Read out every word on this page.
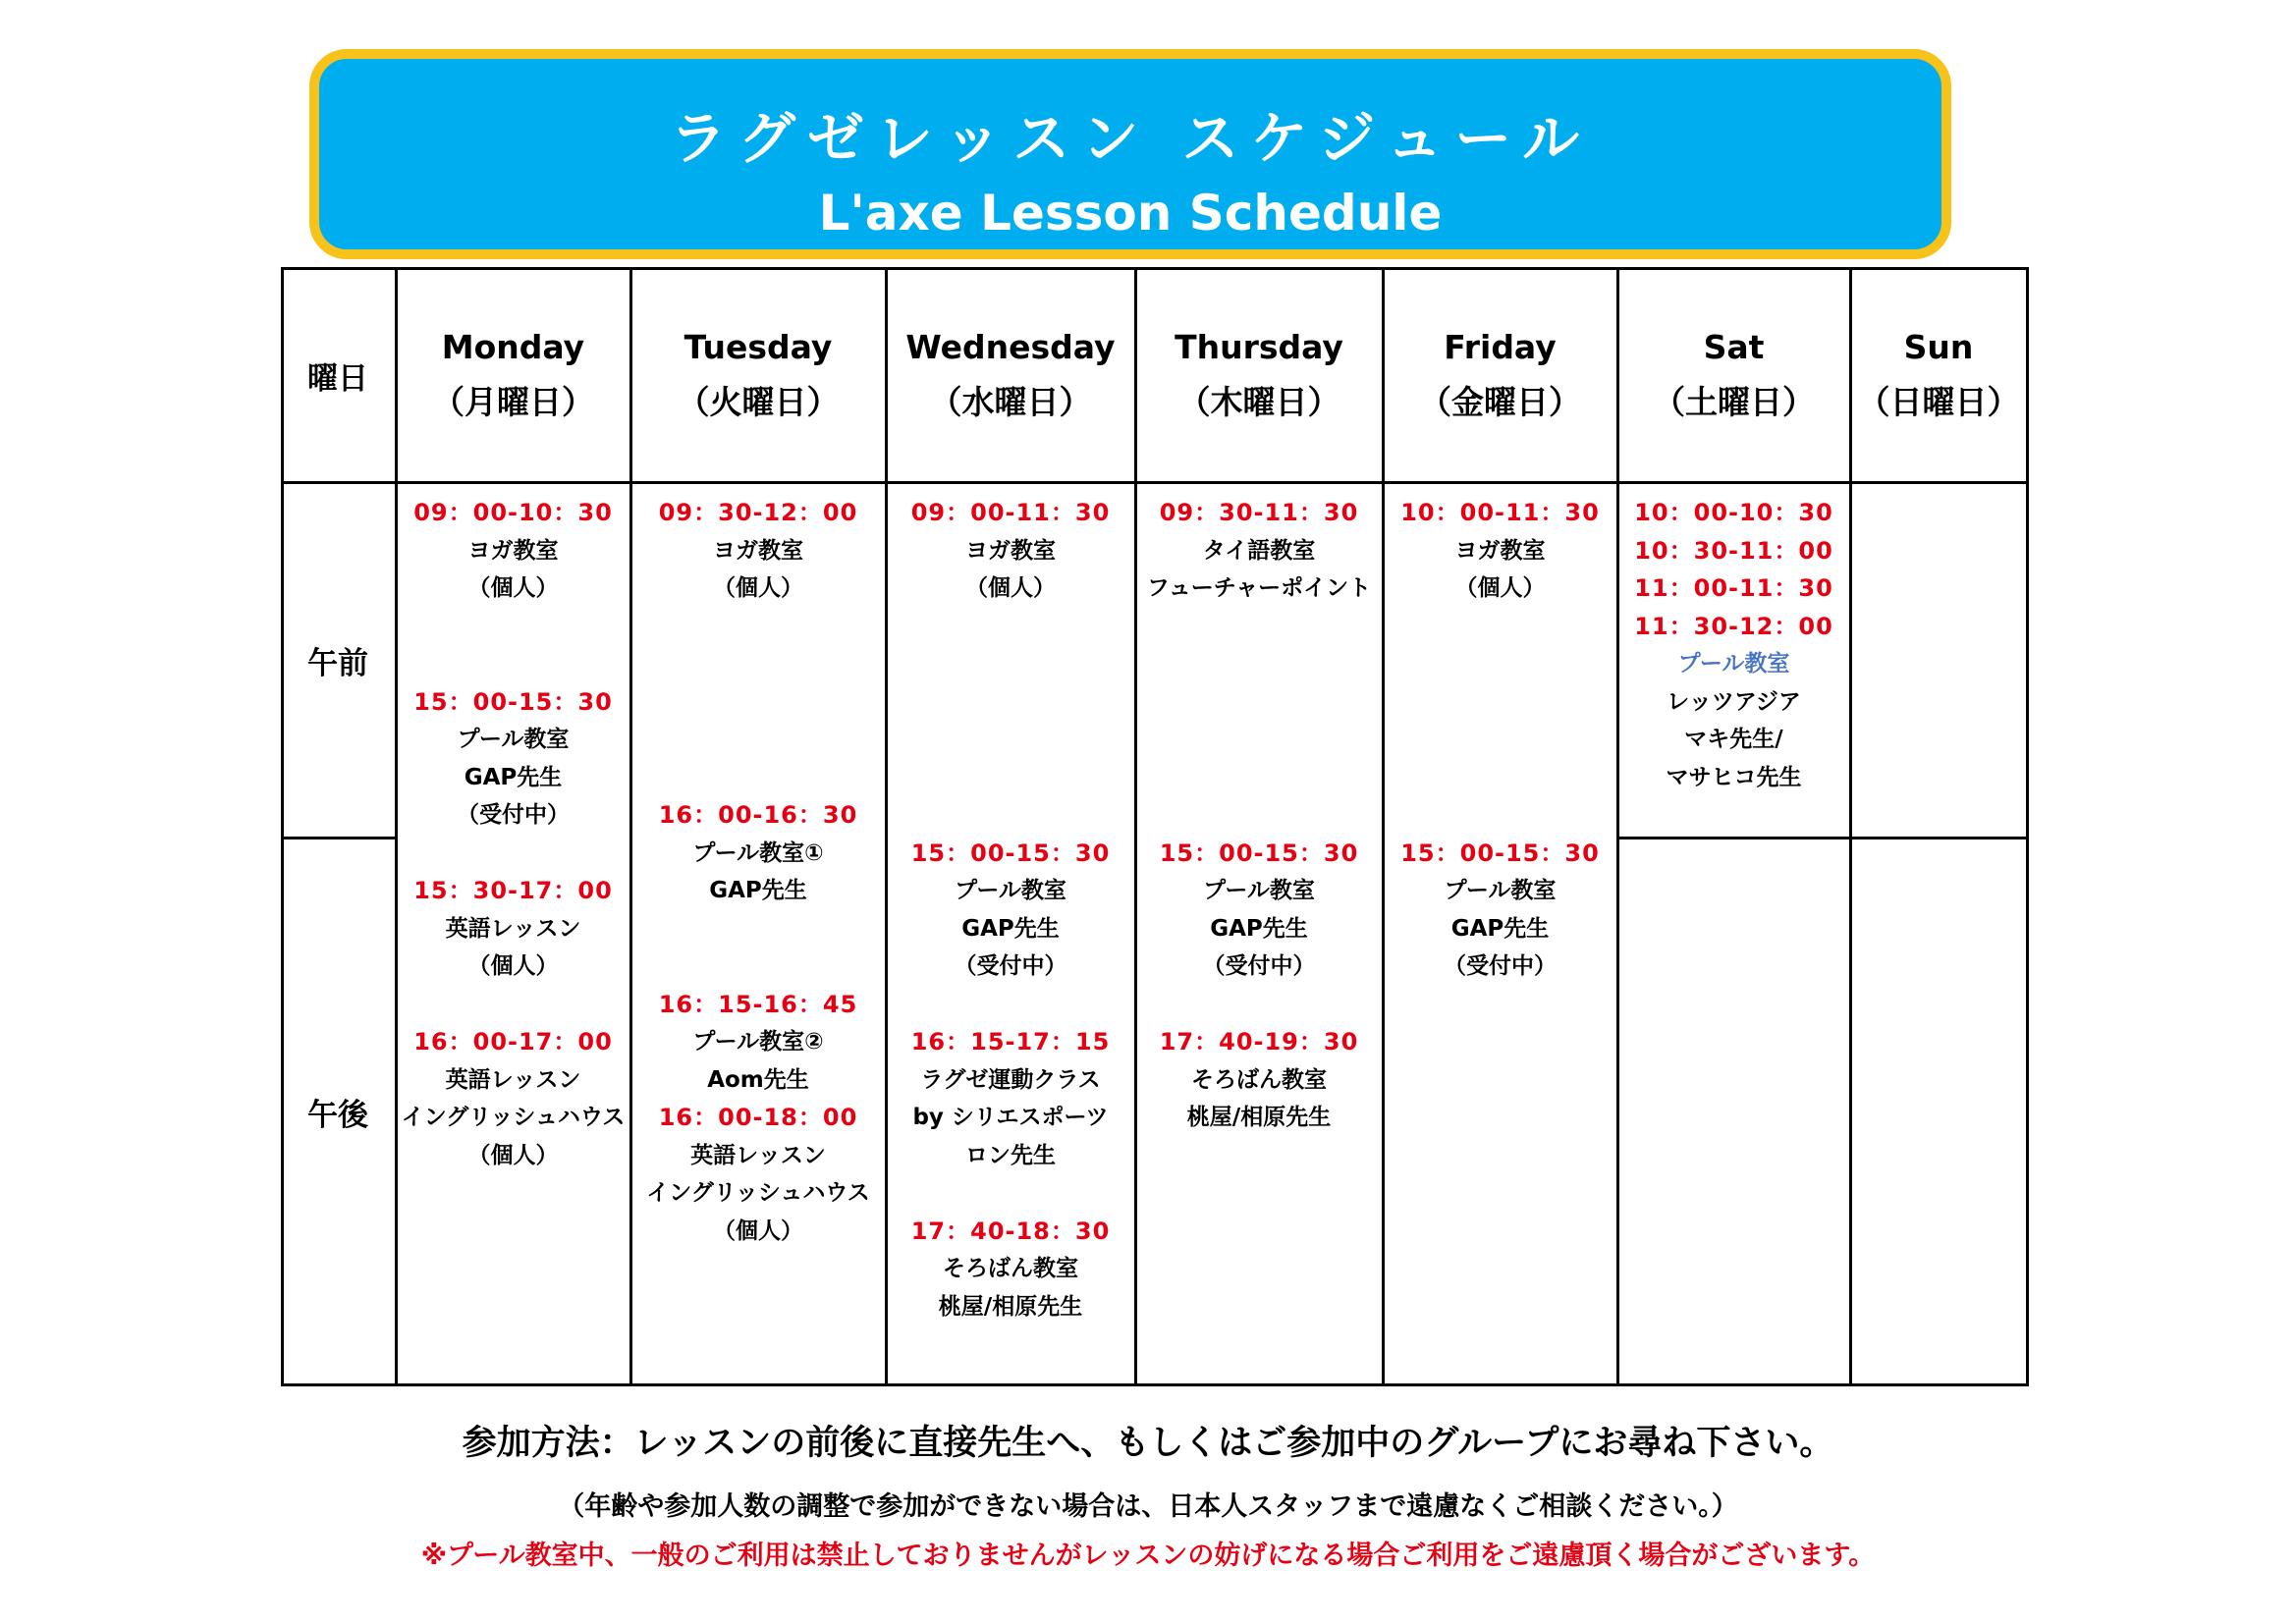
ラグゼレッスン スケジュール
L'axe Lesson Schedule
曜日
Monday
（月曜日）
Tuesday
（火曜日）
Wednesday
（水曜日）
Thursday
（木曜日）
Friday
（金曜日）
Sat
（土曜日）
Sun
（日曜日）
午前
午後
09：00-10：30
ヨガ教室
（個人）
15：00-15：30
プール教室
GAP先生
（受付中）
15：30-17：00
英語レッスン
（個人）
16：00-17：00
英語レッスン
イングリッシュハウス
（個人）
09：30-12：00
ヨガ教室
（個人）
16：00-16：30
プール教室①
GAP先生
16：15-16：45
プール教室②
Aom先生
16：00-18：00
英語レッスン
イングリッシュハウス
（個人）
09：00-11：30
ヨガ教室
（個人）
15：00-15：30
プール教室
GAP先生
（受付中）
16：15-17：15
ラグゼ運動クラス
by シリエスポーツ
ロン先生
17：40-18：30
そろばん教室
桃屋/相原先生
09：30-11：30
タイ語教室
フューチャーポイント
15：00-15：30
プール教室
GAP先生
（受付中）
17：40-19：30
そろばん教室
桃屋/相原先生
10：00-11：30
ヨガ教室
（個人）
15：00-15：30
プール教室
GAP先生
（受付中）
10：00-10：30
10：30-11：00
11：00-11：30
11：30-12：00
プール教室
レッツアジア
マキ先生/
マサヒコ先生
参加方法：レッスンの前後に直接先生へ、もしくはご参加中のグループにお尋ね下さい。
（年齢や参加人数の調整で参加ができない場合は、日本人スタッフまで遠慮なくご相談ください。）
※プール教室中、一般のご利用は禁止しておりませんがレッスンの妨げになる場合ご利用をご遠慮頂く場合がございます。
